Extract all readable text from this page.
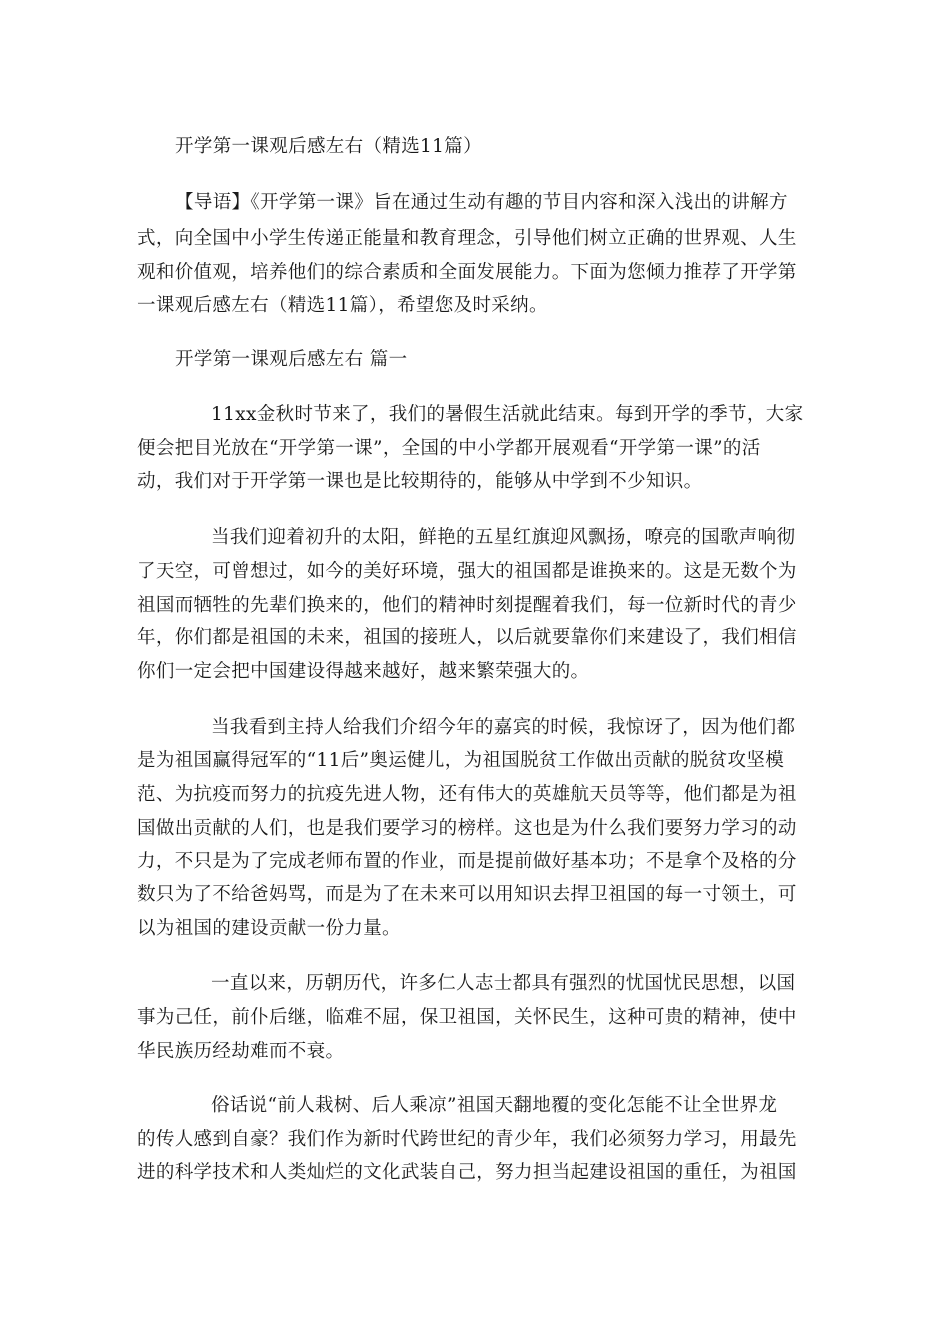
开学第一课观后感左右（精选11篇）
【导语】《开学第一课》旨在通过生动有趣的节目内容和深入浅出的讲解方
式，向全国中小学生传递正能量和教育理念，引导他们树立正确的世界观、人生
观和价值观，培养他们的综合素质和全面发展能力。下面为您倾力推荐了开学第
一课观后感左右（精选11篇），希望您及时采纳。
开学第一课观后感左右 篇一
11xx金秋时节来了，我们的暑假生活就此结束。每到开学的季节，大家
便会把目光放在“开学第一课”，全国的中小学都开展观看“开学第一课”的活
动，我们对于开学第一课也是比较期待的，能够从中学到不少知识。
当我们迎着初升的太阳，鲜艳的五星红旗迎风飘扬，嘹亮的国歌声响彻
了天空，可曾想过，如今的美好环境，强大的祖国都是谁换来的。这是无数个为
祖国而牺牲的先辈们换来的，他们的精神时刻提醒着我们，每一位新时代的青少
年，你们都是祖国的未来，祖国的接班人，以后就要靠你们来建设了，我们相信
你们一定会把中国建设得越来越好，越来繁荣强大的。
当我看到主持人给我们介绍今年的嘉宾的时候，我惊讶了，因为他们都
是为祖国赢得冠军的“11后”奥运健儿，为祖国脱贫工作做出贡献的脱贫攻坚模
范、为抗疫而努力的抗疫先进人物，还有伟大的英雄航天员等等，他们都是为祖
国做出贡献的人们，也是我们要学习的榜样。这也是为什么我们要努力学习的动
力，不只是为了完成老师布置的作业，而是提前做好基本功；不是拿个及格的分
数只为了不给爸妈骂，而是为了在未来可以用知识去捍卫祖国的每一寸领土，可
以为祖国的建设贡献一份力量。
一直以来，历朝历代，许多仁人志士都具有强烈的忧国忧民思想，以国
事为己任，前仆后继，临难不屈，保卫祖国，关怀民生，这种可贵的精神，使中
华民族历经劫难而不衰。
俗话说“前人栽树、后人乘凉”祖国天翻地覆的变化怎能不让全世界龙
的传人感到自豪？我们作为新时代跨世纪的青少年，我们必须努力学习，用最先
进的科学技术和人类灿烂的文化武装自己，努力担当起建设祖国的重任，为祖国
